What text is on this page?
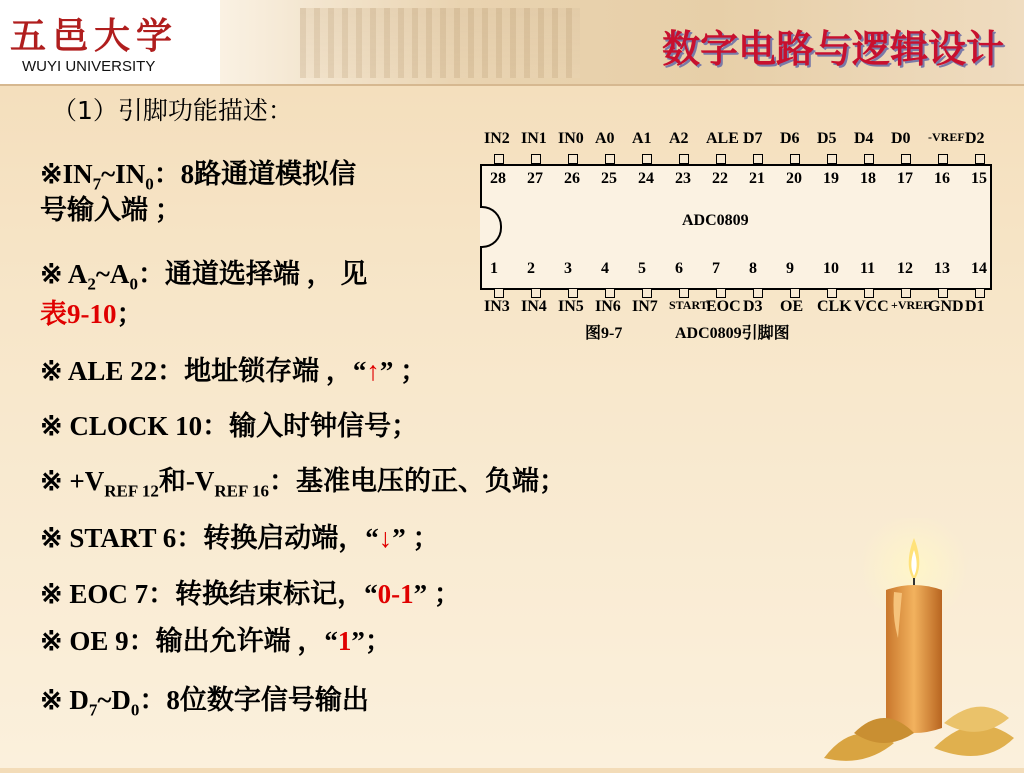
五邑大学
WUYI UNIVERSITY	数字电路与逻辑设计
（1）引脚功能描述：
$※IN_7\sim IN_0$：8路通道模拟信
号输入端 ；
※ $A_2\sim A_0$：通道选择端 ， 见
表9-10；
※ ALE 22：地址锁存端 ，“↑” ；
※ CLOCK 10：输入时钟信号；
※ $+V_{REF 12}$和$-V_{REF 16}$：基准电压的正、负端；
※ START 6：转换启动端，“↓” ；
※ EOC 7：转换结束标记，“0-1” ；
※ OE 9：输出允许端 ，“1”；
※ $D_7\sim D_0$：8位数字信号输出
ADC0809
图9-7	ADC0809引脚图
IN2
28
1
IN3
IN1
27
2
IN4
IN0
26
3
IN5
A0
25
4
IN6
A1
24
5
IN7
A2
23
6
START
ALE
22
7
EOC
D7
21
8
D3
D6
20
9
OE
D5
19
10
CLK
D4
18
11
VCC
D0
17
12
+VREF
-VREF
16
13
GND
D2
15
14
D1
